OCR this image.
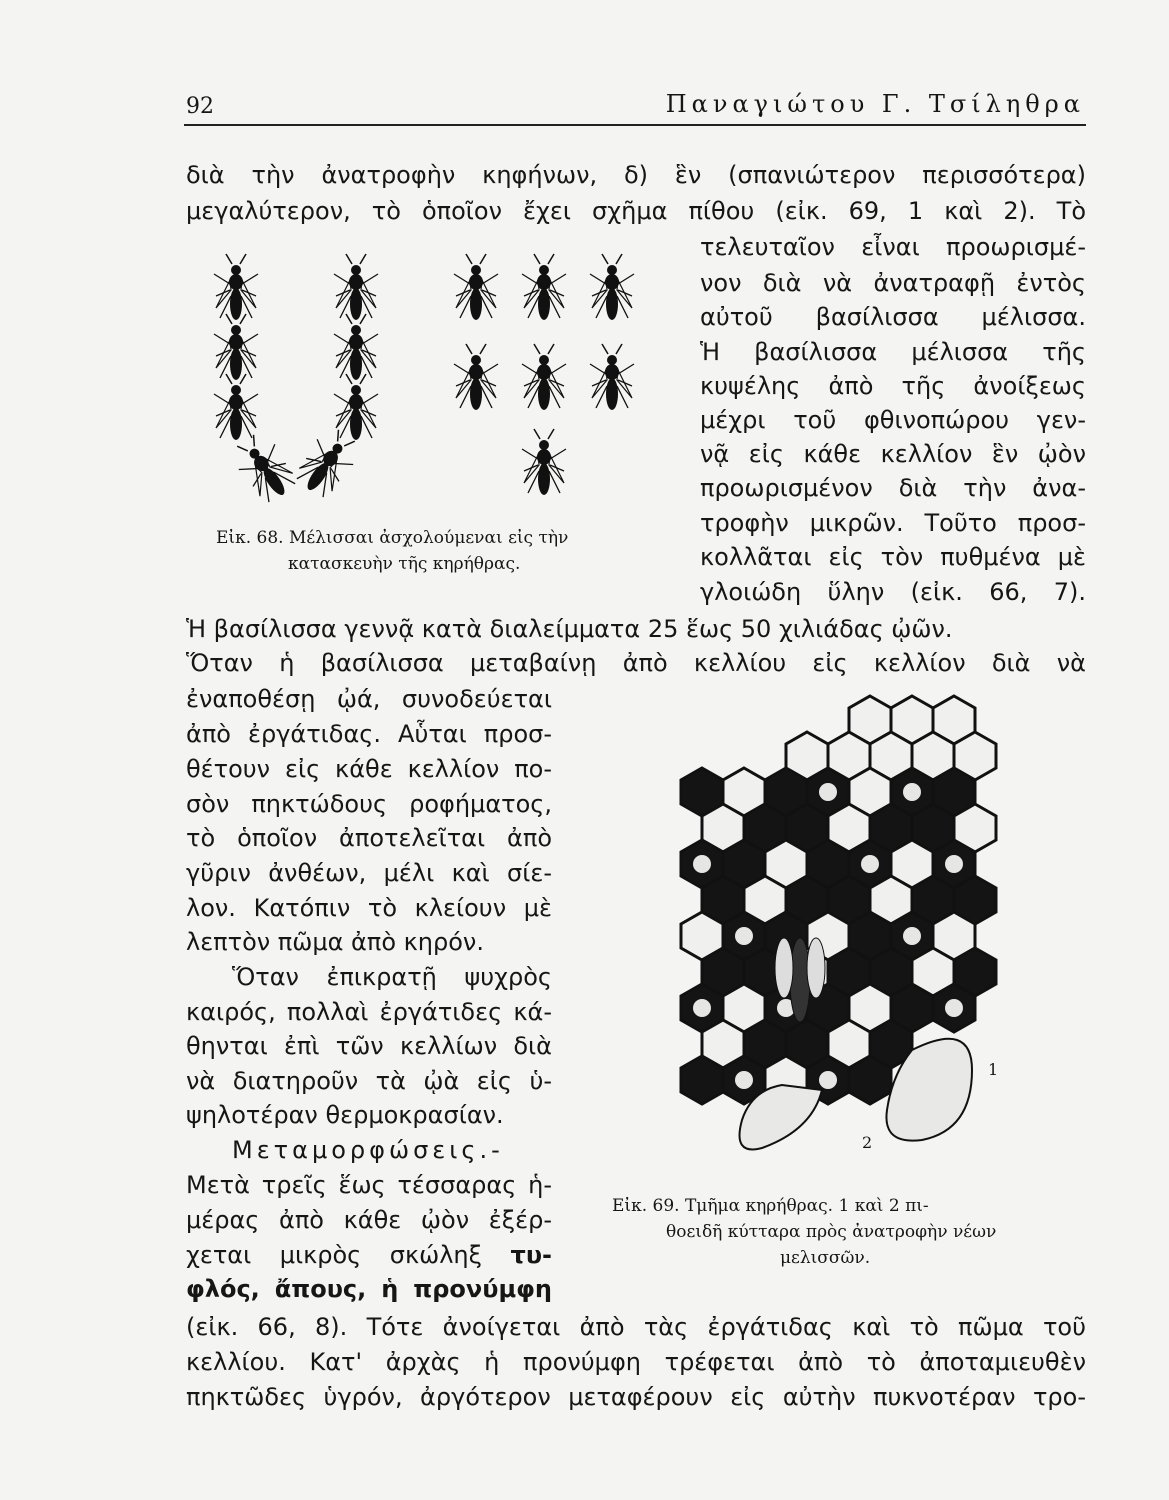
92	Παναγιώτου Γ. Τσίληθρα
διὰ τὴν ἀνατροφὴν κηφήνων, δ) ἓν (σπανιώτερον περισσότερα)
μεγαλύτερον, τὸ ὁποῖον ἔχει σχῆμα πίθου (εἰκ. 69, 1 καὶ 2). Τὸ
τελευταῖον εἶναι προωρισμέ-
νον διὰ νὰ ἀνατραφῇ ἐντὸς
αὐτοῦ βασίλισσα μέλισσα.
Ἡ βασίλισσα μέλισσα τῆς
κυψέλης ἀπὸ τῆς ἀνοίξεως
μέχρι τοῦ φθινοπώρου γεν-
νᾷ εἰς κάθε κελλίον ἓν ᾠὸν
προωρισμένον διὰ τὴν ἀνα-
τροφὴν μικρῶν. Τοῦτο προσ-
κολλᾶται εἰς τὸν πυθμένα μὲ
γλοιώδη ὕλην (εἰκ. 66, 7).
Εἰκ. 68. Μέλισσαι ἀσχολούμεναι εἰς τὴν
κατασκευὴν τῆς κηρήθρας.
Ἡ βασίλισσα γεννᾷ κατὰ διαλείμματα 25 ἕως 50 χιλιάδας ᾠῶν.
Ὅταν ἡ βασίλισσα μεταβαίνῃ ἀπὸ κελλίου εἰς κελλίον διὰ νὰ
ἐναποθέσῃ ᾠά, συνοδεύεται
ἀπὸ ἐργάτιδας. Αὗται προσ-
θέτουν εἰς κάθε κελλίον πο-
σὸν πηκτώδους ροφήματος,
τὸ ὁποῖον ἀποτελεῖται ἀπὸ
γῦριν ἀνθέων, μέλι καὶ σίε-
λον. Κατόπιν τὸ κλείουν μὲ
λεπτὸν πῶμα ἀπὸ κηρόν.
Ὅταν ἐπικρατῇ ψυχρὸς
καιρός, πολλαὶ ἐργάτιδες κά-
θηνται ἐπὶ τῶν κελλίων διὰ
νὰ διατηροῦν τὰ ᾠὰ εἰς ὑ-
ψηλοτέραν θερμοκρασίαν.
Μεταμορφώσεις.-
Μετὰ τρεῖς ἕως τέσσαρας ἡ-
μέρας ἀπὸ κάθε ᾠὸν ἐξέρ-
χεται μικρὸς σκώληξ τυ-
φλός, ἄπους, ἡ προνύμφη
1
2
Εἰκ. 69. Τμῆμα κηρήθρας. 1 καὶ 2 πι-
θοειδῆ κύτταρα πρὸς ἀνατροφὴν νέων
μελισσῶν.
(εἰκ. 66, 8). Τότε ἀνοίγεται ἀπὸ τὰς ἐργάτιδας καὶ τὸ πῶμα τοῦ
κελλίου. Κατ' ἀρχὰς ἡ προνύμφη τρέφεται ἀπὸ τὸ ἀποταμιευθὲν
πηκτῶδες ὑγρόν, ἀργότερον μεταφέρουν εἰς αὐτὴν πυκνοτέραν τρο-
